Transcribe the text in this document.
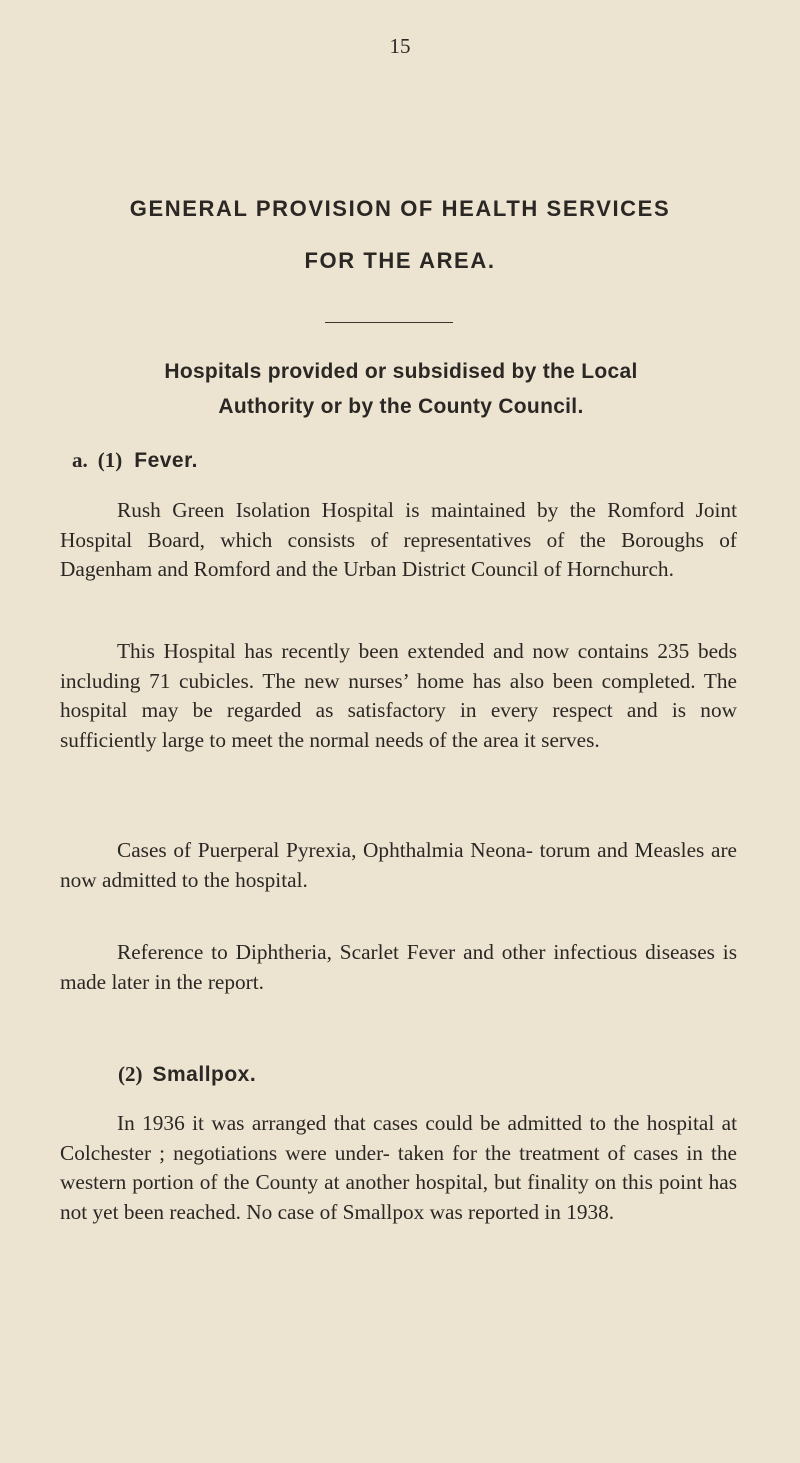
15
GENERAL PROVISION OF HEALTH SERVICES
FOR THE AREA.
Hospitals provided or subsidised by the Local
Authority or by the County Council.
a. (1) Fever.

Rush Green Isolation Hospital is maintained by the Romford Joint Hospital Board, which consists of representatives of the Boroughs of Dagenham and Romford and the Urban District Council of Hornchurch.

This Hospital has recently been extended and now contains 235 beds including 71 cubicles. The new nurses’ home has also been completed. The hospital may be regarded as satisfactory in every respect and is now sufficiently large to meet the normal needs of the area it serves.

Cases of Puerperal Pyrexia, Ophthalmia Neona- torum and Measles are now admitted to the hospital.

Reference to Diphtheria, Scarlet Fever and other infectious diseases is made later in the report.

(2) Smallpox.

In 1936 it was arranged that cases could be admitted to the hospital at Colchester ; negotiations were under- taken for the treatment of cases in the western portion of the County at another hospital, but finality on this point has not yet been reached. No case of Smallpox was reported in 1938.
